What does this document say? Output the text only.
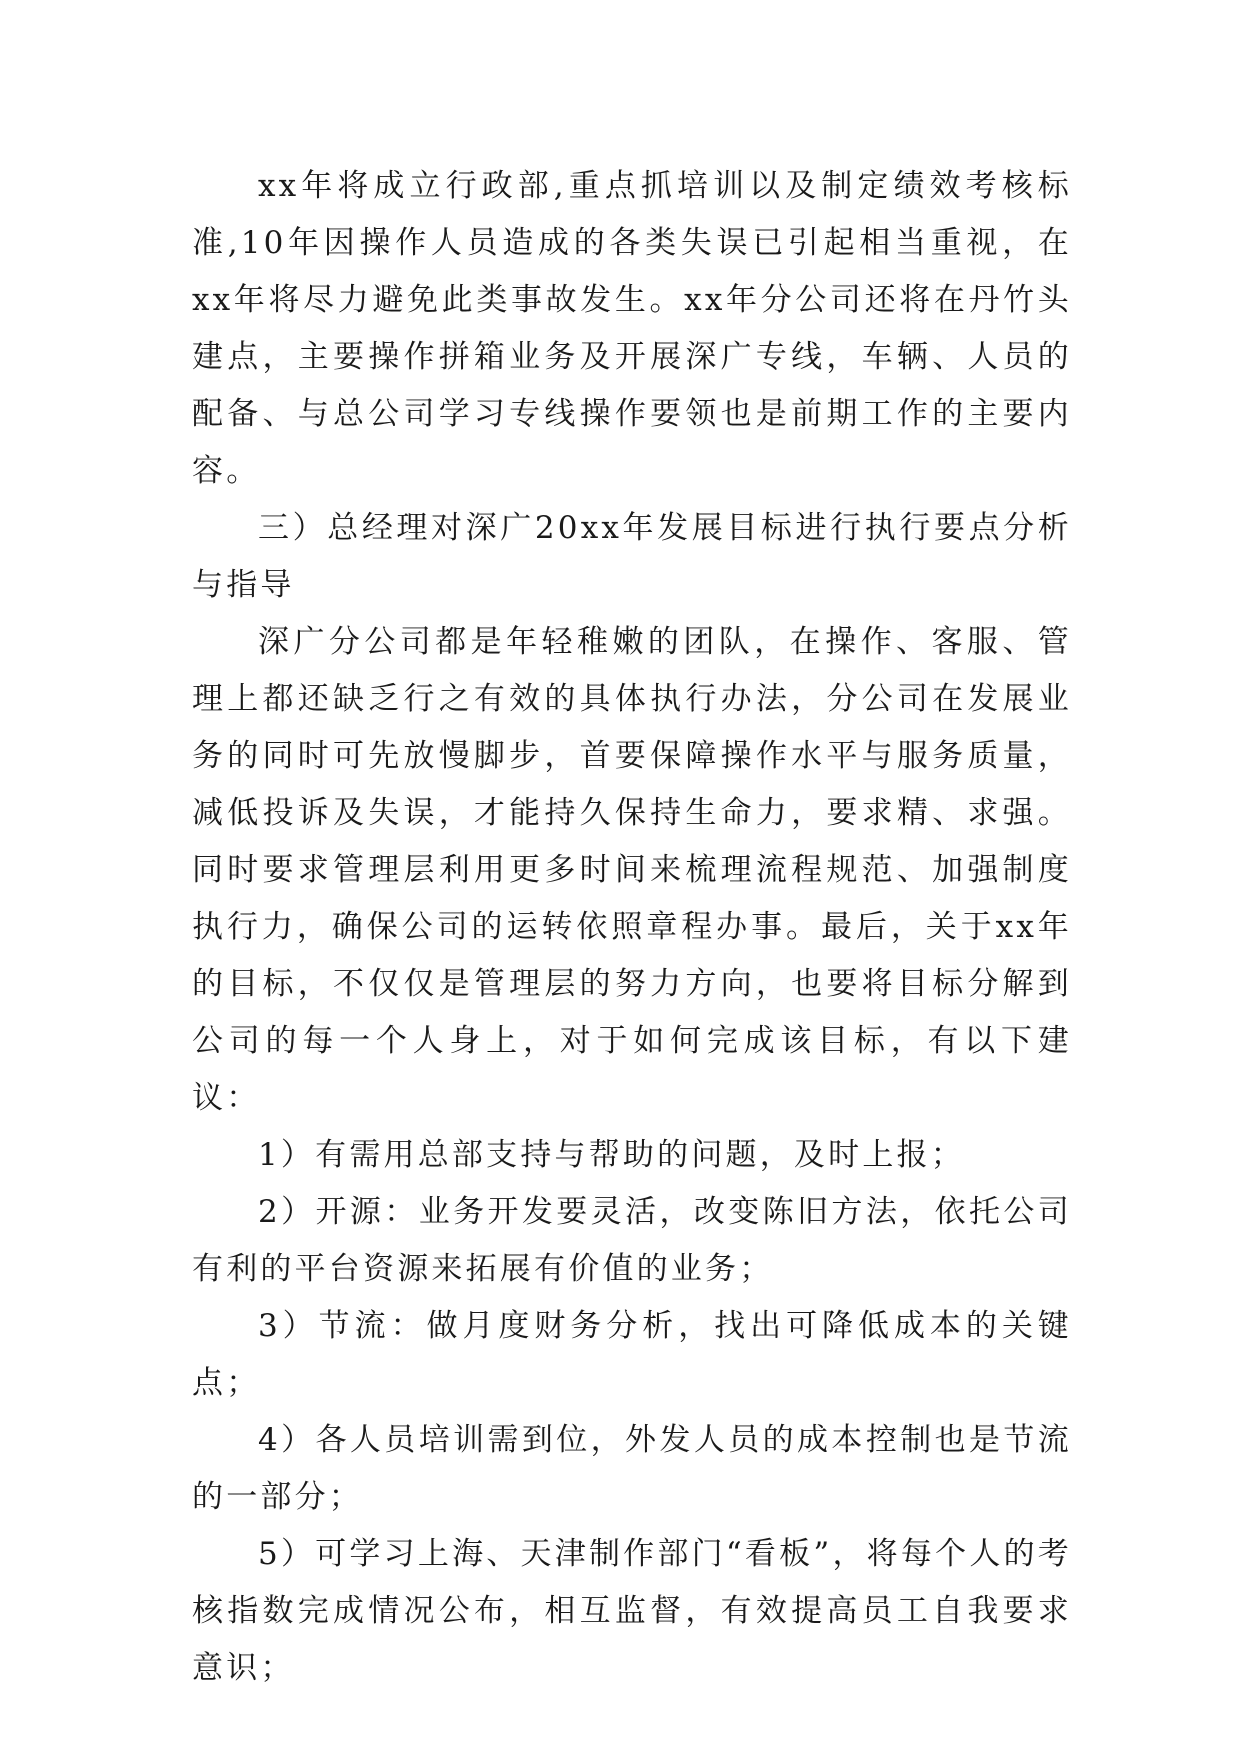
xx年将成立行政部,重点抓培训以及制定绩效考核标准,10年因操作人员造成的各类失误已引起相当重视，在xx年将尽力避免此类事故发生。xx年分公司还将在丹竹头建点，主要操作拼箱业务及开展深广专线，车辆、人员的配备、与总公司学习专线操作要领也是前期工作的主要内容。

三）总经理对深广20xx年发展目标进行执行要点分析与指导

深广分公司都是年轻稚嫩的团队，在操作、客服、管理上都还缺乏行之有效的具体执行办法，分公司在发展业务的同时可先放慢脚步，首要保障操作水平与服务质量，减低投诉及失误，才能持久保持生命力，要求精、求强。同时要求管理层利用更多时间来梳理流程规范、加强制度执行力，确保公司的运转依照章程办事。最后，关于xx年的目标，不仅仅是管理层的努力方向，也要将目标分解到公司的每一个人身上，对于如何完成该目标，有以下建议：

1）有需用总部支持与帮助的问题，及时上报；

2）开源：业务开发要灵活，改变陈旧方法，依托公司有利的平台资源来拓展有价值的业务；

3）节流：做月度财务分析，找出可降低成本的关键点；

4）各人员培训需到位，外发人员的成本控制也是节流的一部分；

5）可学习上海、天津制作部门“看板”，将每个人的考核指数完成情况公布，相互监督，有效提高员工自我要求意识；
